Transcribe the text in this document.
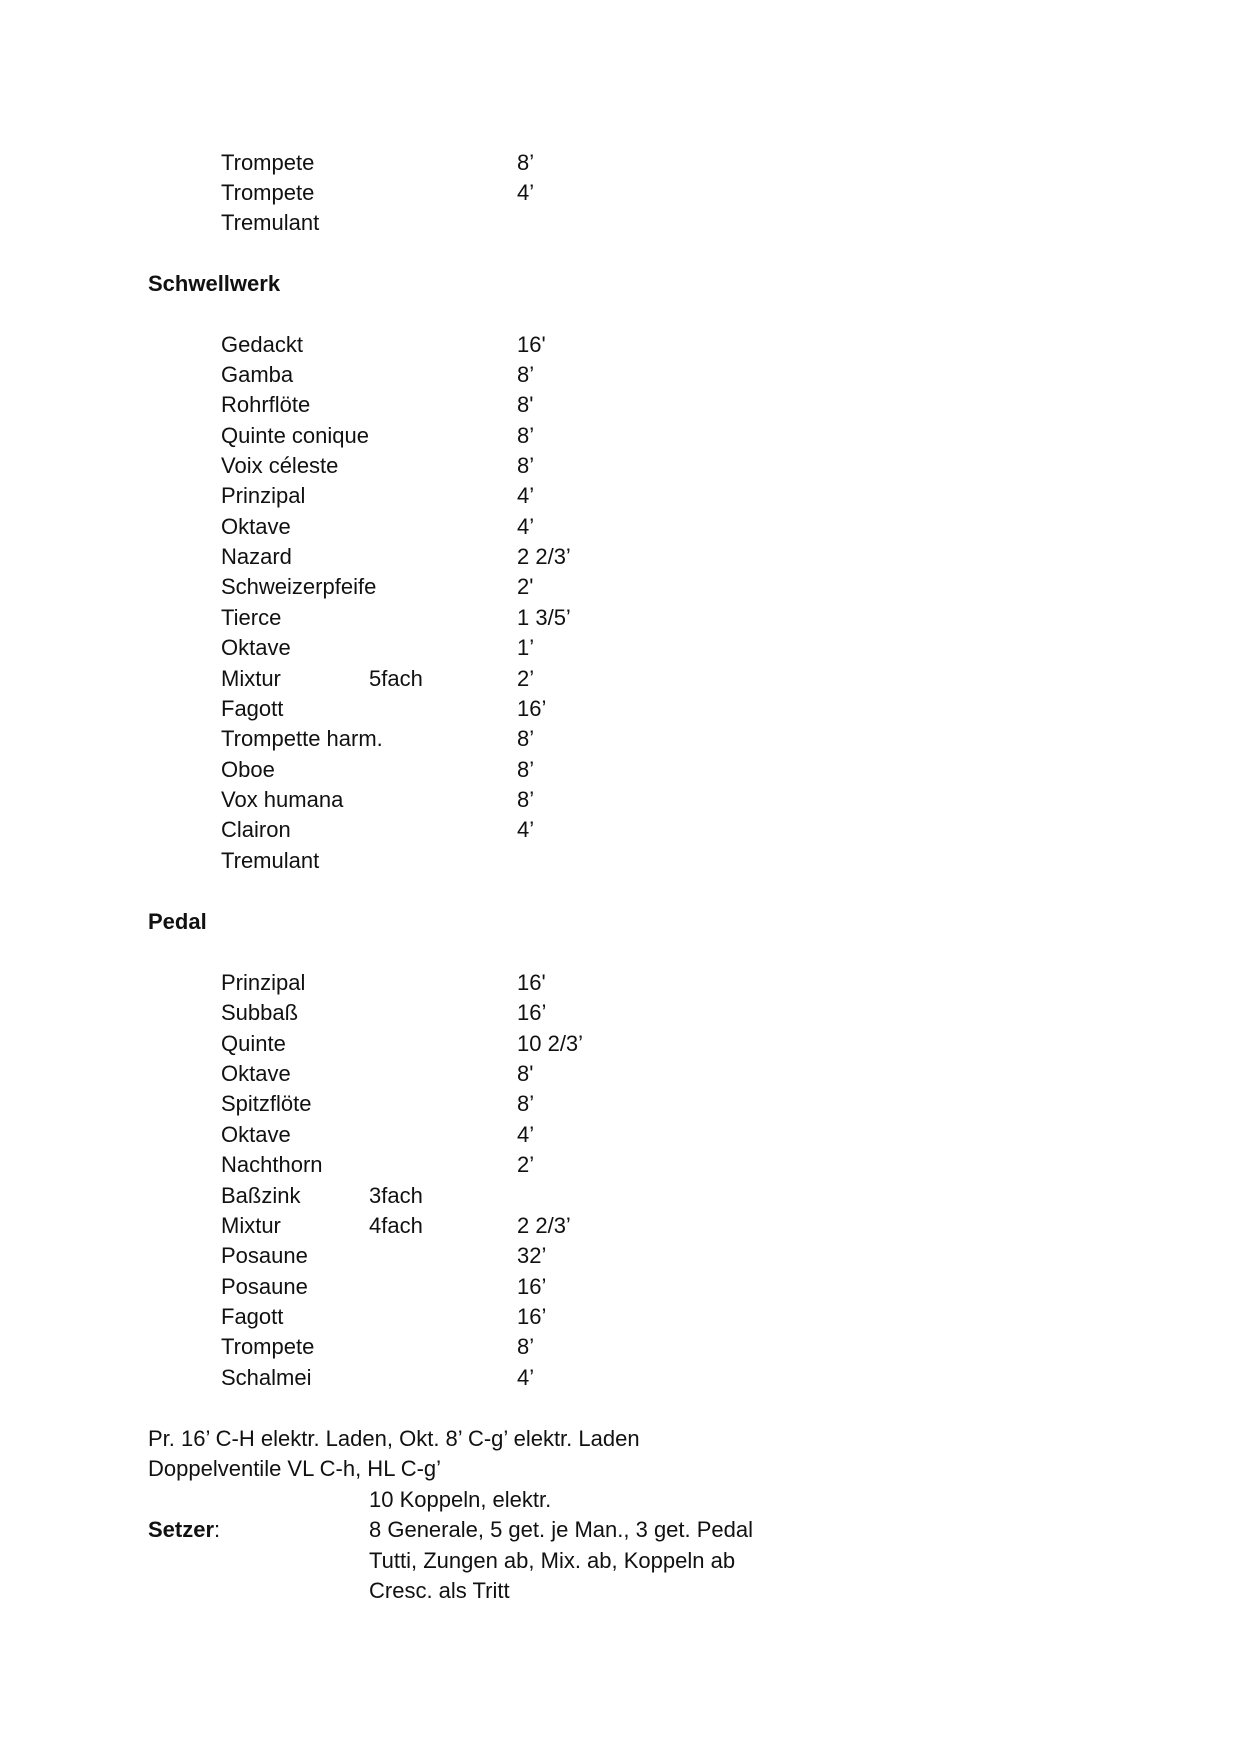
Trompete	8’
Trompete	4’
Tremulant
Schwellwerk
Gedackt	16'
Gamba	8’
Rohrflöte	8'
Quinte conique	8’
Voix céleste	8’
Prinzipal	4’
Oktave	4’
Nazard	2 2/3’
Schweizerpfeife	2'
Tierce	1 3/5’
Oktave	1’
Mixtur	5fach	2’
Fagott	16’
Trompette harm.	8’
Oboe	8’
Vox humana	8’
Clairon	4’
Tremulant
Pedal
Prinzipal	16'
Subbaß	16’
Quinte	10 2/3’
Oktave	8'
Spitzflöte	8’
Oktave	4’
Nachthorn	2’
Baßzink	3fach
Mixtur	4fach	2 2/3’
Posaune	32’
Posaune	16’
Fagott	16’
Trompete	8’
Schalmei	4’
Pr. 16’ C-H elektr. Laden, Okt. 8’ C-g’ elektr. Laden
Doppelventile VL C-h, HL C-g’
10 Koppeln, elektr.
Setzer:	8 Generale, 5 get. je Man., 3 get. Pedal
Tutti, Zungen ab, Mix. ab, Koppeln ab
Cresc. als Tritt
